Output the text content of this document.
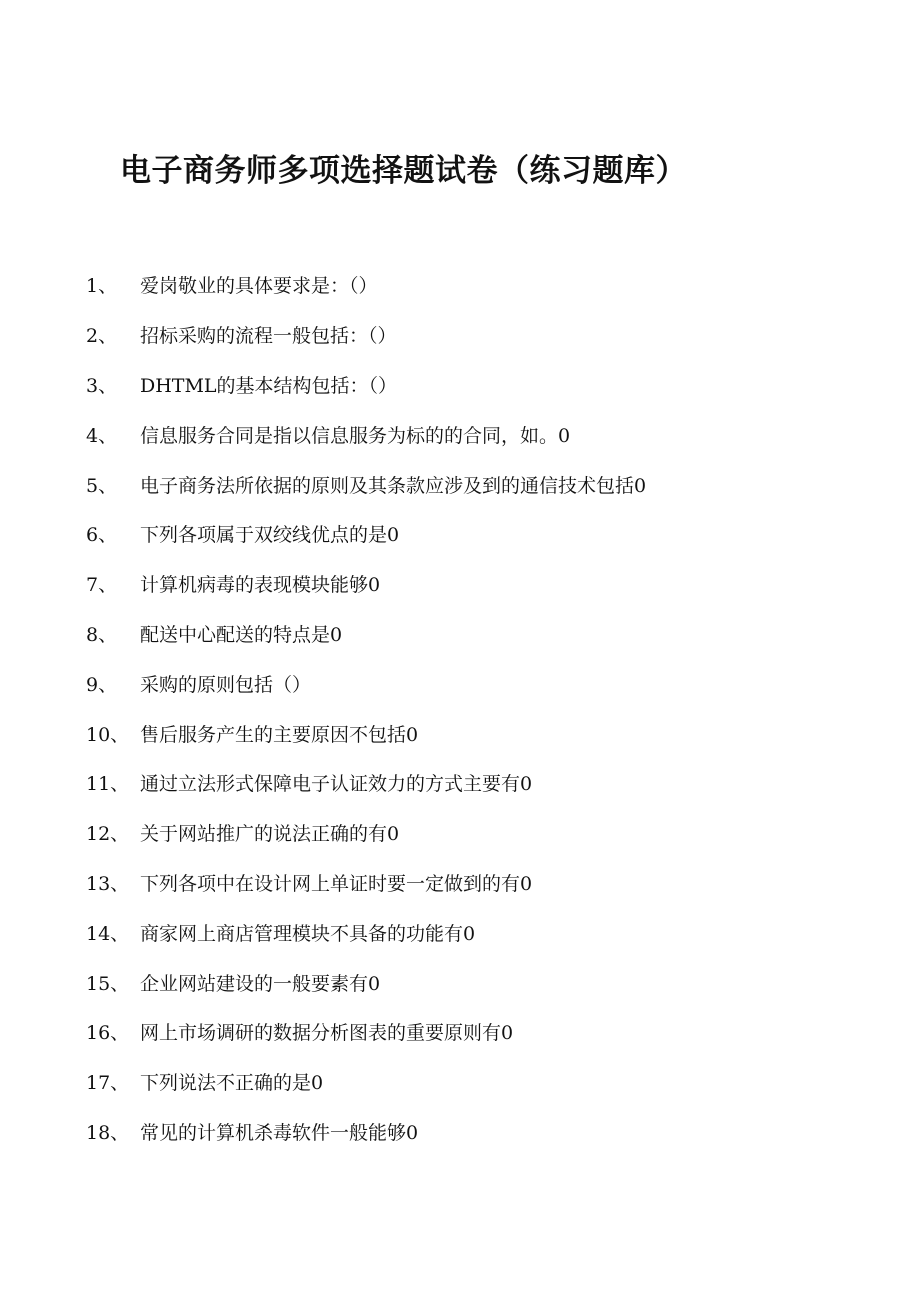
电子商务师多项选择题试卷（练习题库）
1、	爱岗敬业的具体要求是：（）
2、	招标采购的流程一般包括：（）
3、	DHTML的基本结构包括：（）
4、	信息服务合同是指以信息服务为标的的合同，如。0
5、	电子商务法所依据的原则及其条款应涉及到的通信技术包括0
6、	下列各项属于双绞线优点的是0
7、	计算机病毒的表现模块能够0
8、	配送中心配送的特点是0
9、	采购的原则包括（）
10、 售后服务产生的主要原因不包括0
11、 通过立法形式保障电子认证效力的方式主要有0
12、 关于网站推广的说法正确的有0
13、 下列各项中在设计网上单证时要一定做到的有0
14、 商家网上商店管理模块不具备的功能有0
15、 企业网站建设的一般要素有0
16、 网上市场调研的数据分析图表的重要原则有0
17、 下列说法不正确的是0
18、 常见的计算机杀毒软件一般能够0
